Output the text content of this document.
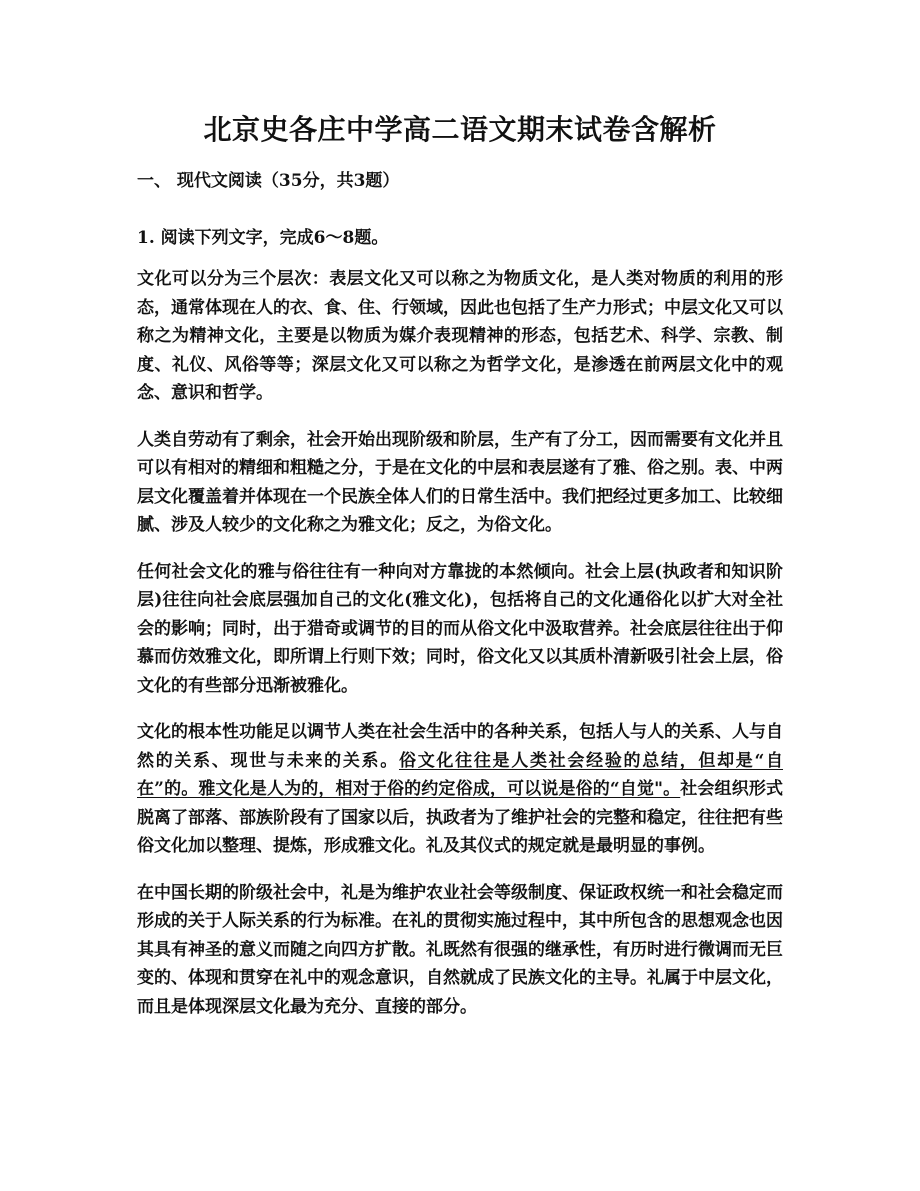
北京史各庄中学高二语文期末试卷含解析
一、 现代文阅读（35分，共3题）
1. 阅读下列文字，完成6～8题。

文化可以分为三个层次：表层文化又可以称之为物质文化，是人类对物质的利用的形态，通常体现在人的衣、食、住、行领域，因此也包括了生产力形式；中层文化又可以称之为精神文化，主要是以物质为媒介表现精神的形态，包括艺术、科学、宗教、制度、礼仪、风俗等等；深层文化又可以称之为哲学文化，是渗透在前两层文化中的观念、意识和哲学。

人类自劳动有了剩余，社会开始出现阶级和阶层，生产有了分工，因而需要有文化并且可以有相对的精细和粗糙之分，于是在文化的中层和表层遂有了雅、俗之别。表、中两层文化覆盖着并体现在一个民族全体人们的日常生活中。我们把经过更多加工、比较细腻、涉及人较少的文化称之为雅文化；反之，为俗文化。

任何社会文化的雅与俗往往有一种向对方靠拢的本然倾向。社会上层(执政者和知识阶层)往往向社会底层强加自己的文化(雅文化)，包括将自己的文化通俗化以扩大对全社会的影响；同时，出于猎奇或调节的目的而从俗文化中汲取营养。社会底层往往出于仰慕而仿效雅文化，即所谓上行则下效；同时，俗文化又以其质朴清新吸引社会上层，俗文化的有些部分迅渐被雅化。

文化的根本性功能足以调节人类在社会生活中的各种关系，包括人与人的关系、人与自然的关系、现世与未来的关系。俗文化往往是人类社会经验的总结，但却是“自在”的。雅文化是人为的，相对于俗的约定俗成，可以说是俗的“自觉"。社会组织形式脱离了部落、部族阶段有了国家以后，执政者为了维护社会的完整和稳定，往往把有些俗文化加以整理、提炼，形成雅文化。礼及其仪式的规定就是最明显的事例。

在中国长期的阶级社会中，礼是为维护农业社会等级制度、保证政权统一和社会稳定而形成的关于人际关系的行为标准。在礼的贯彻实施过程中，其中所包含的思想观念也因其具有神圣的意义而随之向四方扩散。礼既然有很强的继承性，有历时进行微调而无巨变的、体现和贯穿在礼中的观念意识，自然就成了民族文化的主导。礼属于中层文化，而且是体现深层文化最为充分、直接的部分。
